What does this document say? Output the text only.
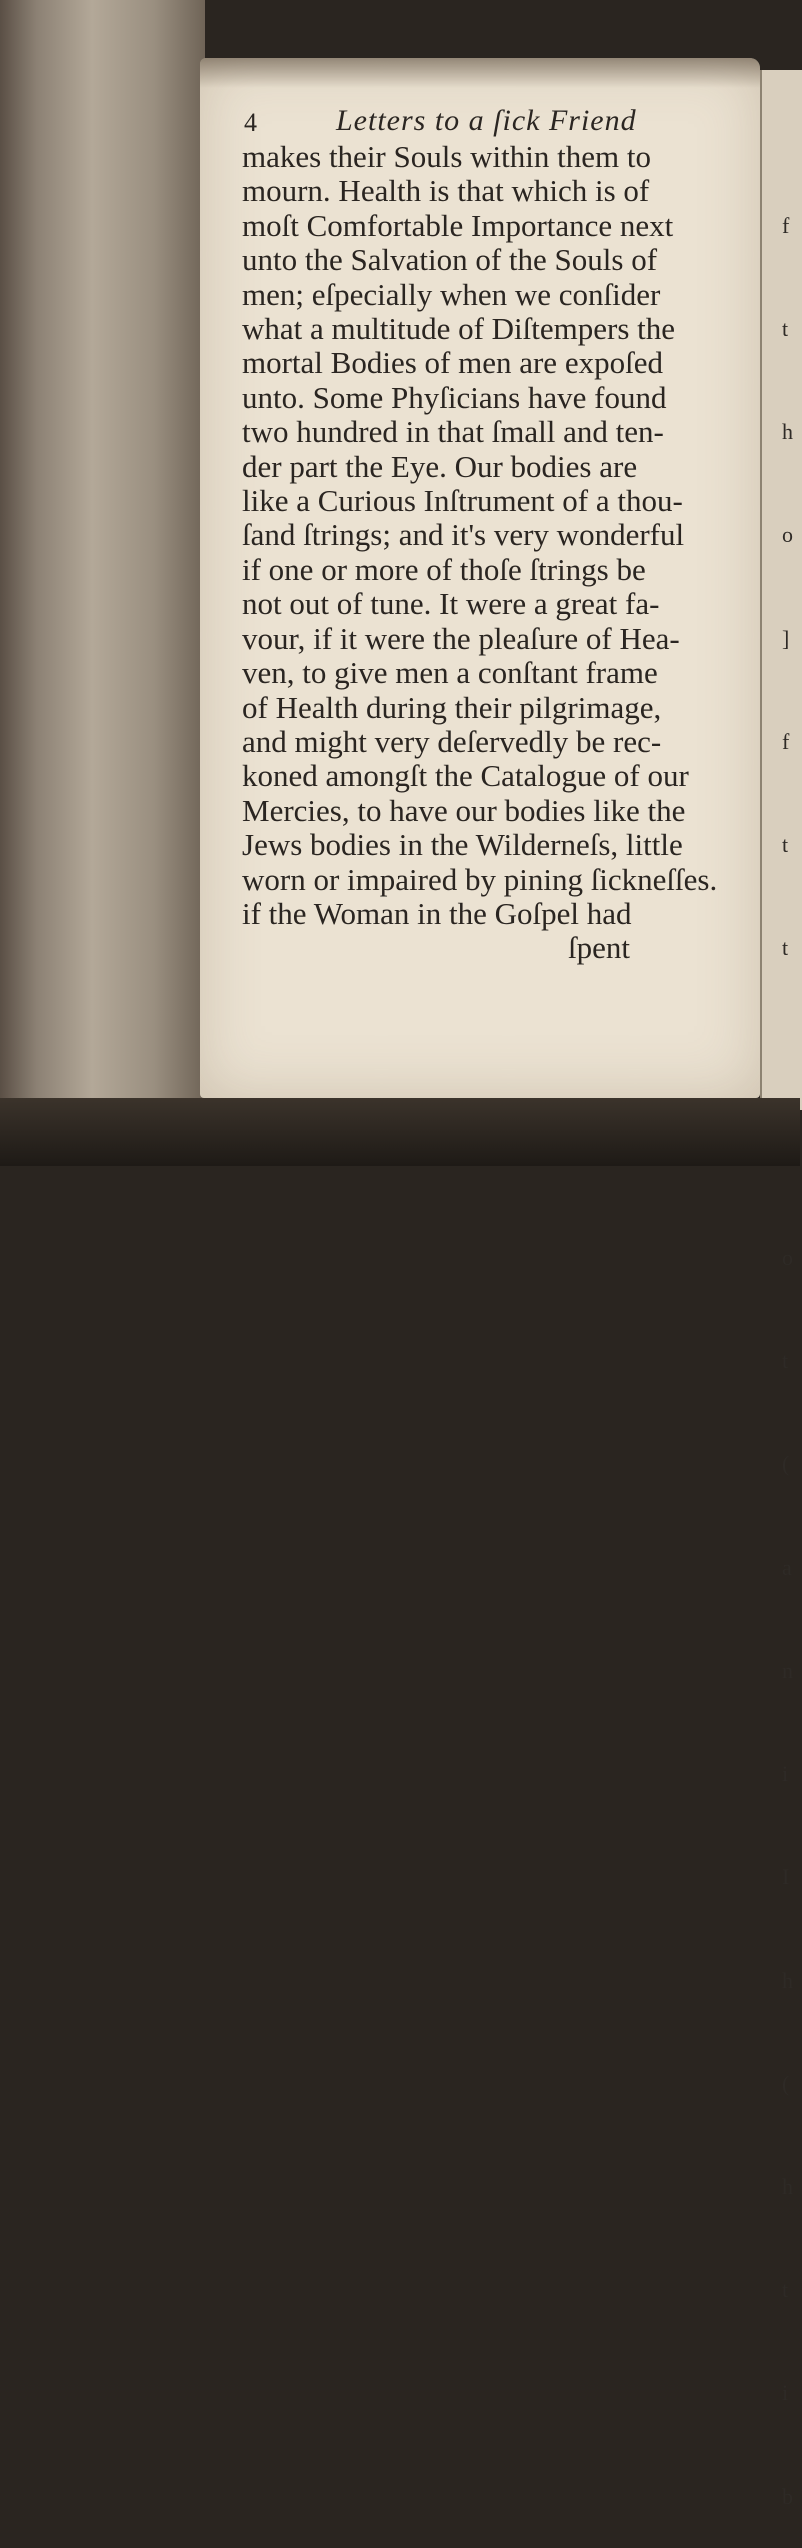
f

t

h

o

]

f

t

t

o

t

(

a

n

i

I

h

(

h

t

i

b

4	Letters to a ſick Friend
makes their Souls within them to
mourn. Health is that which is of
moſt Comfortable Importance next
unto the Salvation of the Souls of
men; eſpecially when we conſider
what a multitude of Diſtempers the
mortal Bodies of men are expoſed
unto. Some Phyſicians have found
two hundred in that ſmall and ten-
der part the Eye. Our bodies are
like a Curious Inſtrument of a thou-
ſand ſtrings; and it's very wonderful
if one or more of thoſe ſtrings be
not out of tune. It were a great fa-
vour, if it were the pleaſure of Hea-
ven, to give men a conſtant frame
of Health during their pilgrimage,
and might very deſervedly be rec-
koned amongſt the Catalogue of our
Mercies, to have our bodies like the
Jews bodies in the Wilderneſs, little
worn or impaired by pining ſickneſſes.
if the Woman in the Goſpel had
ſpent
